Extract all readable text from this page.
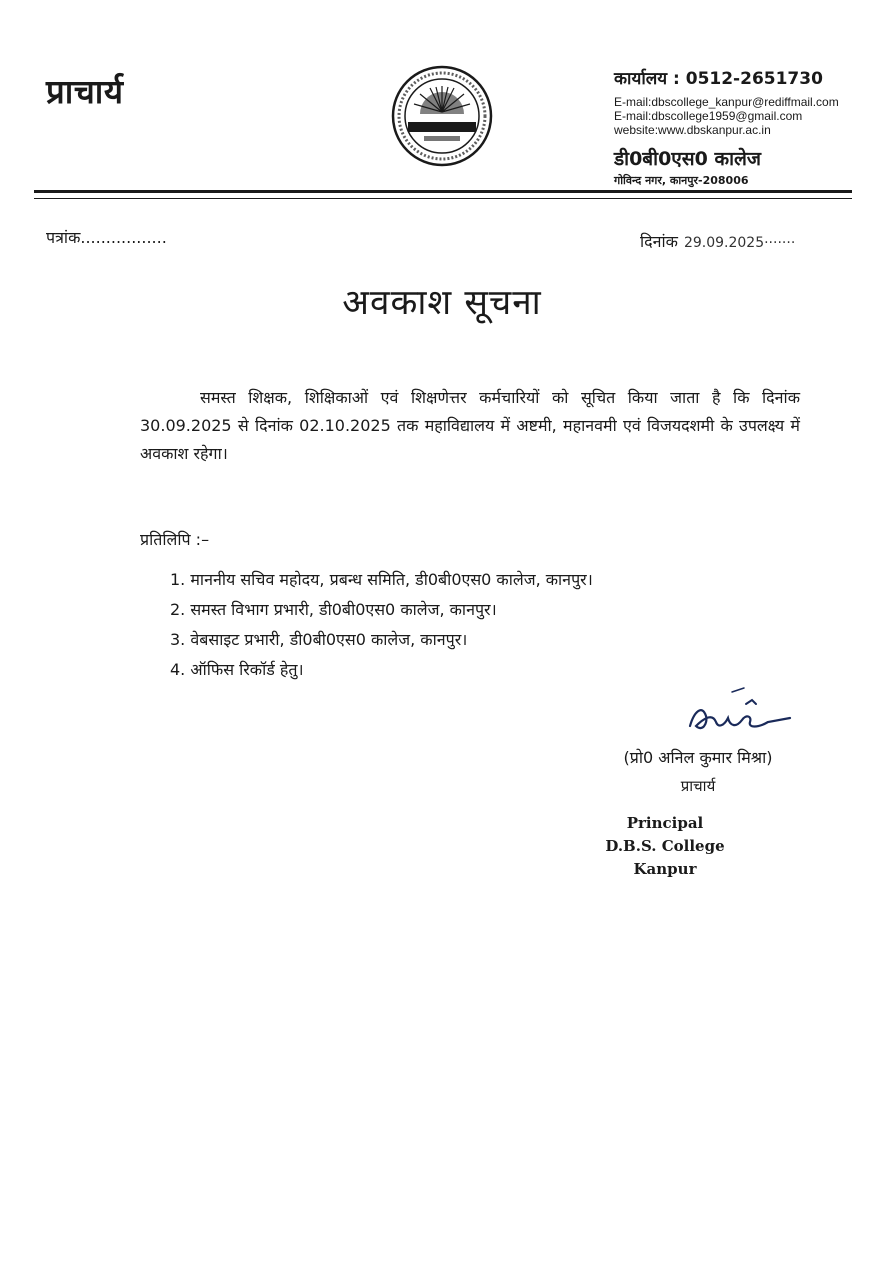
प्राचार्य	कार्यालय : 0512-2651730
E-mail:dbscollege_kanpur@rediffmail.com
E-mail:dbscollege1959@gmail.com
website:www.dbskanpur.ac.in
डी0बी0एस0 कालेज
गोविन्द नगर, कानपुर-208006
पत्रांक.................	दिनांक 29.09.2025·······
अवकाश सूचना
समस्त शिक्षक, शिक्षिकाओं एवं शिक्षणेत्तर कर्मचारियों को सूचित किया जाता है कि दिनांक 30.09.2025 से दिनांक 02.10.2025 तक महाविद्यालय में अष्टमी, महानवमी एवं विजयदशमी के उपलक्ष्य में अवकाश रहेगा।
प्रतिलिपि :–
1. माननीय सचिव महोदय, प्रबन्ध समिति, डी0बी0एस0 कालेज, कानपुर।
2. समस्त विभाग प्रभारी, डी0बी0एस0 कालेज, कानपुर।
3. वेबसाइट प्रभारी, डी0बी0एस0 कालेज, कानपुर।
4. ऑफिस रिकॉर्ड हेतु।
(प्रो0 अनिल कुमार मिश्रा)
प्राचार्य
Principal
D.B.S. College Kanpur
